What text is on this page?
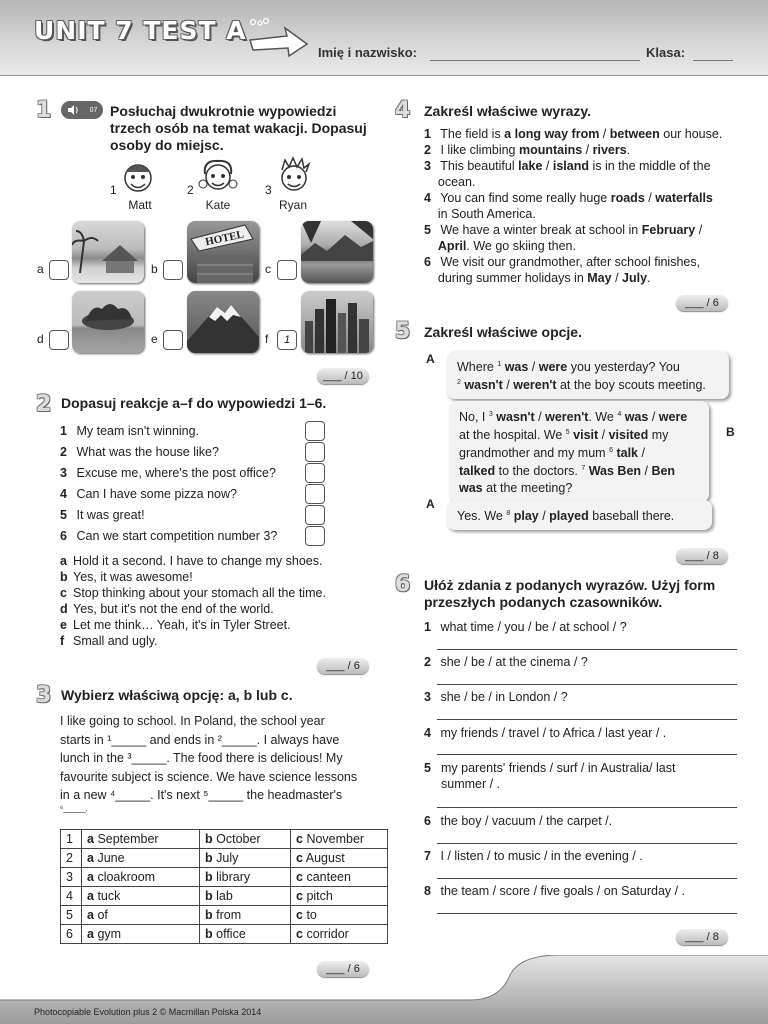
UNIT 7 TEST A
Imię i nazwisko:	Klasa:
1	07 Posłuchaj dwukrotnie wypowiedzi trzech osób na temat wakacji. Dopasuj osoby do miejsc.
1
Matt
2
Kate
3
Ryan
a	b
HOTEL
c
d	e	f	1
___ / 10
2 Dopasuj reakcje a–f do wypowiedzi 1–6.
1 My team isn't winning.
2 What was the house like?
3 Excuse me, where's the post office?
4 Can I have some pizza now?
5 It was great!
6 Can we start competition number 3?
a Hold it a second. I have to change my shoes.
b Yes, it was awesome!
c Stop thinking about your stomach all the time.
d Yes, but it's not the end of the world.
e Let me think… Yeah, it's in Tyler Street.
f Small and ugly.
___ / 6
3 Wybierz właściwą opcję: a, b lub c.
I like going to school. In Poland, the school year
starts in ¹_____ and ends in ²_____. I always have
lunch in the ³_____. The food there is delicious! My
favourite subject is science. We have science lessons
in a new ⁴_____. It's next ⁵_____ the headmaster's
⁶_____.
1	a September	b October	c November
2	a June	b July	c August
3	a cloakroom	b library	c canteen
4	a tuck	b lab	c pitch
5	a of	b from	c to
6	a gym	b office	c corridor
___ / 6
4 Zakreśl właściwe wyrazy.
1 The field is a long way from / between our house.
2 I like climbing mountains / rivers.
3 This beautiful lake / island is in the middle of the
ocean.
4 You can find some really huge roads / waterfalls
in South America.
5 We have a winter break at school in February /
April. We go skiing then.
6 We visit our grandmother, after school finishes,
during summer holidays in May / July.
___ / 6
5 Zakreśl właściwe opcje.
A
Where $^1$ was / were you yesterday? You
$^2$ wasn't / weren't at the boy scouts meeting.
B
No, I $^3$ wasn't / weren't. We $^4$ was / were
at the hospital. We $^5$ visit / visited my
grandmother and my mum $^6$ talk /
talked to the doctors. $^7$ Was Ben / Ben
was at the meeting?
A
Yes. We $^8$ play / played baseball there.
___ / 8
6 Ułóż zdania z podanych wyrazów. Użyj form przeszłych podanych czasowników.
1 what time / you / be / at school / ?
2 she / be / at the cinema / ?
3 she / be / in London / ?
4 my friends / travel / to Africa / last year / .
5 my parents' friends / surf / in Australia/ last summer / .
6 the boy / vacuum / the carpet /.
7 I / listen / to music / in the evening / .
8 the team / score / five goals / on Saturday / .
___ / 8
Photocopiable Evolution plus 2 © Macmillan Polska 2014
